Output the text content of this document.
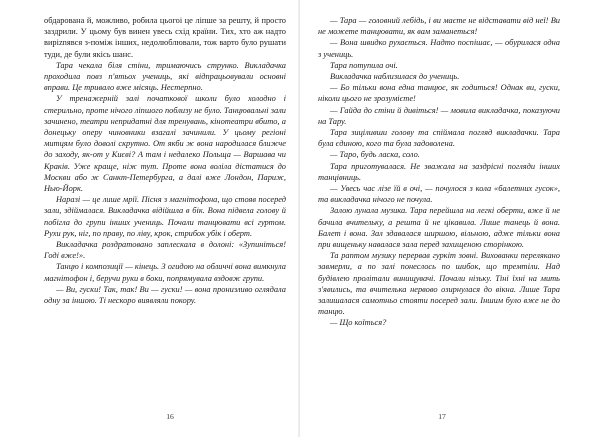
обдарована й, можливо, робила цьогоі це ліпше за решту, й просто заздрили. У цьому був винен увесь схід країни. Тих, хто аж надто виріznявся з-поміж інших, недолюблювали, тож варто було рушати туди, де були якісь шанс.

Тара чекала біля стіни, тримаючись струнко. Викладачка проходила повз п'ятьох учениць, які відпрацьовували основні вправи. Це тривало вже місяць. Нестерпно.

У тренажерній залі початкової школи було холодно і стерильно, проте нічого ліпшого поблизу не було. Танцювальні зали зачинено, театри непридатні для тренувань, кінотеатри вбито, а донецьку оперу чиновники взагалі зачинили. У цьому регіоні митцям було доволі скрутно. От якби ж вона народилася ближче до заходу, як-от у Києві? А там і недалеко Польща — Варшава чи Краків. Уже краще, ніж тут. Проте вона воліла дістатися до Москви або ж Санкт-Петербурга, а далі вже Лондон, Париж, Нью-Йорк.

Наразі — це лише мрії. Пісня з магнітофона, що стояв посеред зали, здіймалася. Викладачка відійшла в бік. Вона підвела голову й побігла до групи інших учениць. Почали танцювати всі гуртом. Рухи рук, ніг, по праву, по ліву, крок, стрибок убік і оберт.

Викладачка роздратовано заплескала в долоні: «Зупиніться! Годі вже!».

Танцю і композиції — кінець. З огидою на обличчі вона вимкнула магнітофон і, беручи руки в боки, попрямувала вздовж групи.

— Ви, гуски! Так, так! Ви — гуски! — вона пронизливо оглядала одну за іншою. Ті нескоро виявляли покору.

16

— Тара — головний лебідь, і ви маєте не відставати від неї! Ви не можете танцювати, як вам заманеться!

— Вона швидко рухається. Надто поспішає, — обурилася одна з учениць.

Тара потупила очі.

Викладачка наблизилася до учениць.

— Бо тільки вона една танцює, як годиться! Однак ви, гуски, ніколи цього не зрозумієте!

— Гайда до стіни й дивіться! — мовила викладачка, показуючи на Тару.

Тара зиціливши голову та спіймала погляд викладачки. Тара була єдиною, кого та була задоволена.

— Таро, будь ласка, соло.

Тара приготувалася. Не зважала на заздрісні погляди інших танцівниць.

— Увесь час лізе їй в очі, — почулося з кола «балетних гусок», та викладачка нічого не почула.

Залою лунала музика. Тара перейшла на легкі оберти, вже й не бачила вчительку, а решта й не цікавила. Лише танець й вона. Балет і вона. Зал здавалася ширшою, вільною, адже тільки вона при вищеньку навалася зала перед захищеною сторінкою.

Та раптом музику перервав гуркіт зовні. Вихованки перелякано завмерли, а по залі понеслось по шибок, що тремтіли. Над будівлею пролітали винищувачі. Почали нізьку. Тіні їхні на мить з'явились, та вчителька нервово озирнулася до вікна. Лише Тара залишалася самотньо стояти посеред зали. Іншим було вже не до танцю.

— Що коїться?

17
